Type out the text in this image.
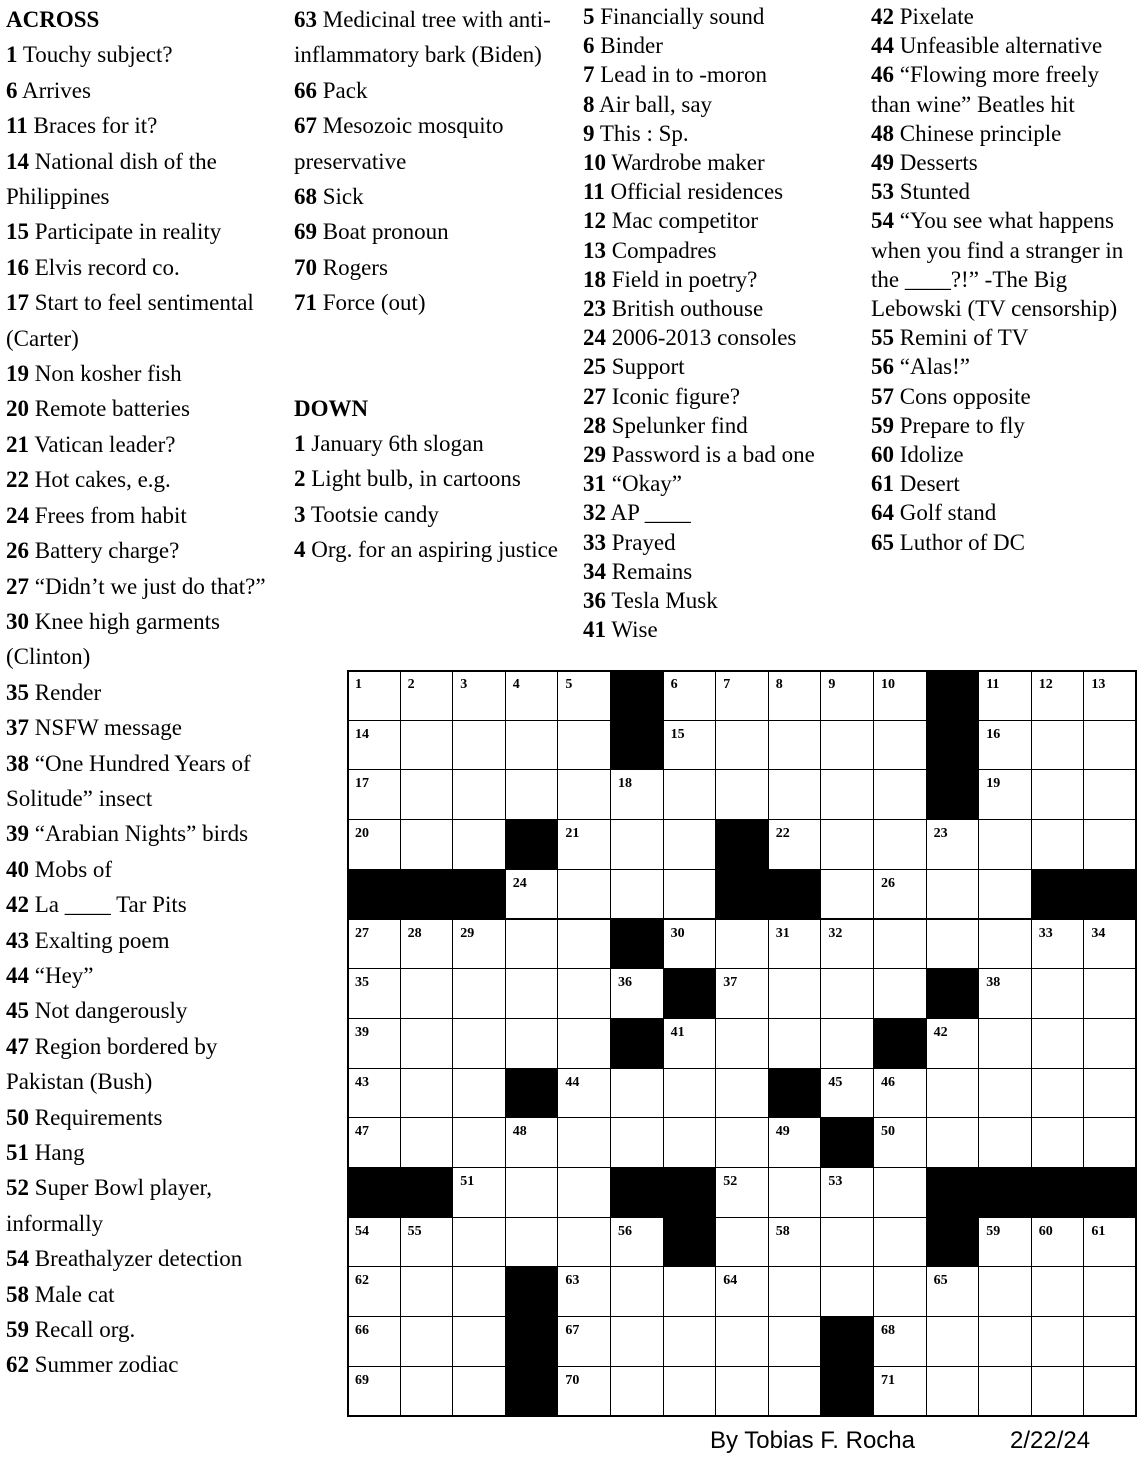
ACROSS
1 Touchy subject?
6 Arrives
11 Braces for it?
14 National dish of the Philippines
15 Participate in reality
16 Elvis record co.
17 Start to feel sentimental (Carter)
19 Non kosher fish
20 Remote batteries
21 Vatican leader?
22 Hot cakes, e.g.
24 Frees from habit
26 Battery charge?
27 “Didn’t we just do that?”
30 Knee high garments (Clinton)
35 Render
37 NSFW message
38 “One Hundred Years of Solitude” insect
39 “Arabian Nights” birds
40 Mobs of
42 La ____ Tar Pits
43 Exalting poem
44 “Hey”
45 Not dangerously
47 Region bordered by Pakistan (Bush)
50 Requirements
51 Hang
52 Super Bowl player, informally
54 Breathalyzer detection
58 Male cat
59 Recall org.
62 Summer zodiac
63 Medicinal tree with anti-inflammatory bark (Biden)
66 Pack
67 Mesozoic mosquito preservative
68 Sick
69 Boat pronoun
70 Rogers
71 Force (out)
DOWN
1 January 6th slogan
2 Light bulb, in cartoons
3 Tootsie candy
4 Org. for an aspiring justice
5 Financially sound
6 Binder
7 Lead in to -moron
8 Air ball, say
9 This : Sp.
10 Wardrobe maker
11 Official residences
12 Mac competitor
13 Compadres
18 Field in poetry?
23 British outhouse
24 2006-2013 consoles
25 Support
27 Iconic figure?
28 Spelunker find
29 Password is a bad one
31 “Okay”
32 AP ____
33 Prayed
34 Remains
36 Tesla Musk
41 Wise
42 Pixelate
44 Unfeasible alternative
46 “Flowing more freely than wine” Beatles hit
48 Chinese principle
49 Desserts
53 Stunted
54 “You see what happens when you find a stranger in the ____?!” -The Big Lebowski (TV censorship)
55 Remini of TV
56 “Alas!”
57 Cons opposite
59 Prepare to fly
60 Idolize
61 Desert
64 Golf stand
65 Luthor of DC
1	2	3	4	5	6	7	8	9	10	11	12	13
14	15	16
17	18	19
20	21	22	23
24	26
27	28	29	30	31	32	33	34
35	36	37	38
39	41	42
43	44	45	46
47	48	49	50
51	52	53
54	55	56	58	59	60	61
62	63	64	65
66	67	68
69	70	71
By Tobias F. Rocha	2/22/24
